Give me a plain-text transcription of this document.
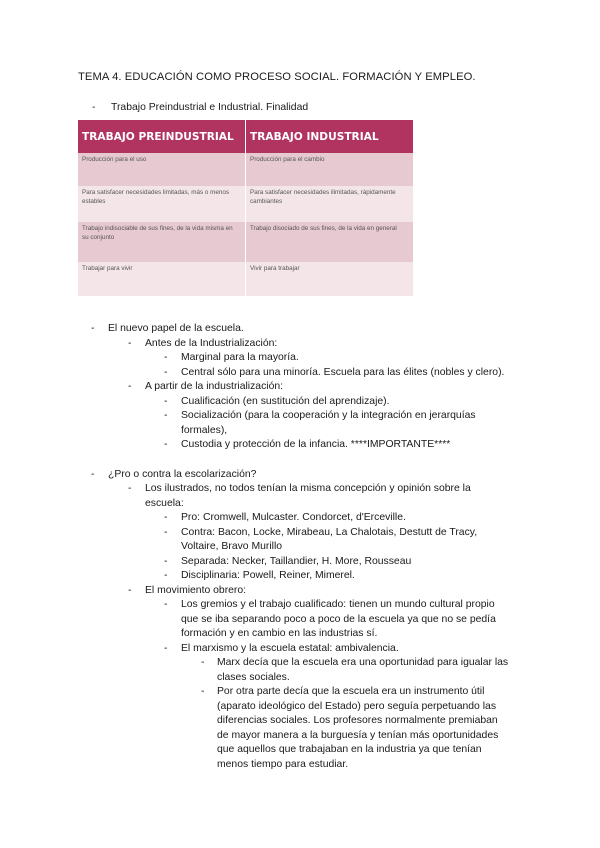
TEMA 4. EDUCACIÓN COMO PROCESO SOCIAL. FORMACIÓN Y EMPLEO.
- Trabajo Preindustrial e Industrial. Finalidad
TRABAJO PREINDUSTRIAL	TRABAJO INDUSTRIAL

Producción para el uso	Producción para el cambio

Para satisfacer necesidades limitadas, más o menos estables	Para satisfacer necesidades ilimitadas, rápidamente cambiantes

Trabajo indisociable de sus fines, de la vida misma en su conjunto	Trabajo disociado de sus fines, de la vida en general

Trabajar para vivir	Vivir para trabajar
- El nuevo papel de la escuela.
- Antes de la Industrialización:
- Marginal para la mayoría.
- Central sólo para una minoría. Escuela para las élites (nobles y clero).
- A partir de la industrialización:
- Cualificación (en sustitución del aprendizaje).
- Socialización (para la cooperación y la integración en jerarquías formales),
- Custodia y protección de la infancia. ****IMPORTANTE****
- ¿Pro o contra la escolarización?
- Los ilustrados, no todos tenían la misma concepción y opinión sobre la escuela:
- Pro: Cromwell, Mulcaster. Condorcet, d'Erceville.
- Contra: Bacon, Locke, Mirabeau, La Chalotais, Destutt de Tracy, Voltaire, Bravo Murillo
- Separada: Necker, Taillandier, H. More, Rousseau
- Disciplinaria: Powell, Reiner, Mimerel.
- El movimiento obrero:
- Los gremios y el trabajo cualificado: tienen un mundo cultural propio que se iba separando poco a poco de la escuela ya que no se pedía formación y en cambio en las industrias sí.
- El marxismo y la escuela estatal: ambivalencia.
- Marx decía que la escuela era una oportunidad para igualar las clases sociales.
- Por otra parte decía que la escuela era un instrumento útil (aparato ideológico del Estado) pero seguía perpetuando las diferencias sociales. Los profesores normalmente premiaban de mayor manera a la burguesía y tenían más oportunidades que aquellos que trabajaban en la industria ya que tenían menos tiempo para estudiar.
